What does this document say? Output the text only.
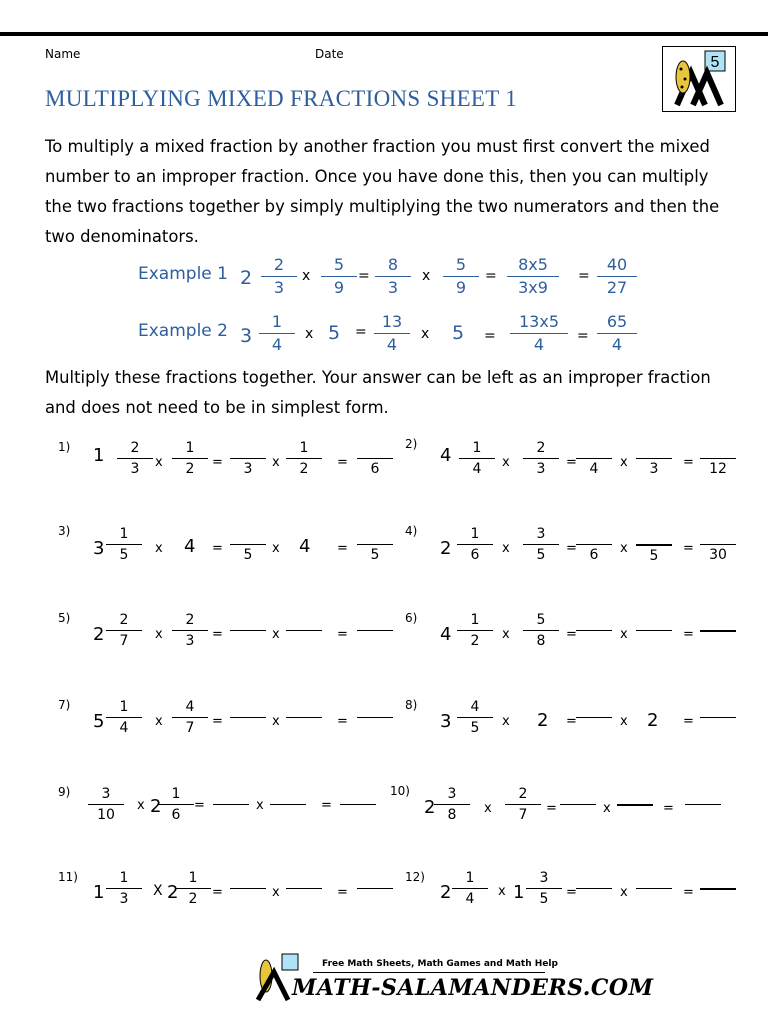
Name	Date
MULTIPLYING MIXED FRACTIONS SHEET 1
5
To multiply a mixed fraction by another fraction you must first convert the mixed number to an improper fraction. Once you have done this, then you can multiply the two fractions together by simply multiplying the two numerators and then the two denominators.
Example 1 2
2
3
x
5
9
=
8
3
x
5
9
=
8x5
3x9
=
40
27
Example 2 3
1
4
x 5 =
13
4
x 5 =
13x5
4	=
65
4
Multiply these fractions together. Your answer can be left as an improper fraction and does not need to be in simplest form.
1) 1	2
3	x
1
2	=	3	x
1
2	=	6
2)
4	1
4	x
2
3	= 4	x	3	=	12
3)
3
1
5	x 4 =	5	x 4 =	5
4)
2
1
6	x
3
5	= 6	x	5	=	30
5)
2
2
7	x
2
3	=	x	=
6)
4
1
2	x
5
8	=	x	=
7)
5
1
4	x
4
7	=	x	=
8)
3
4
5	x 2 =	x 2 =
9)	3
10
x 2
1
6
=	x	=
10)
2
3
8	x
2
7	=	x	=
11)
1
1
3	X 2
1
2	=	x	=
12)
2
1
4	x 1
3
5	=	x	=
Free Math Sheets, Math Games and Math Help
MATH-SALAMANDERS.COM
